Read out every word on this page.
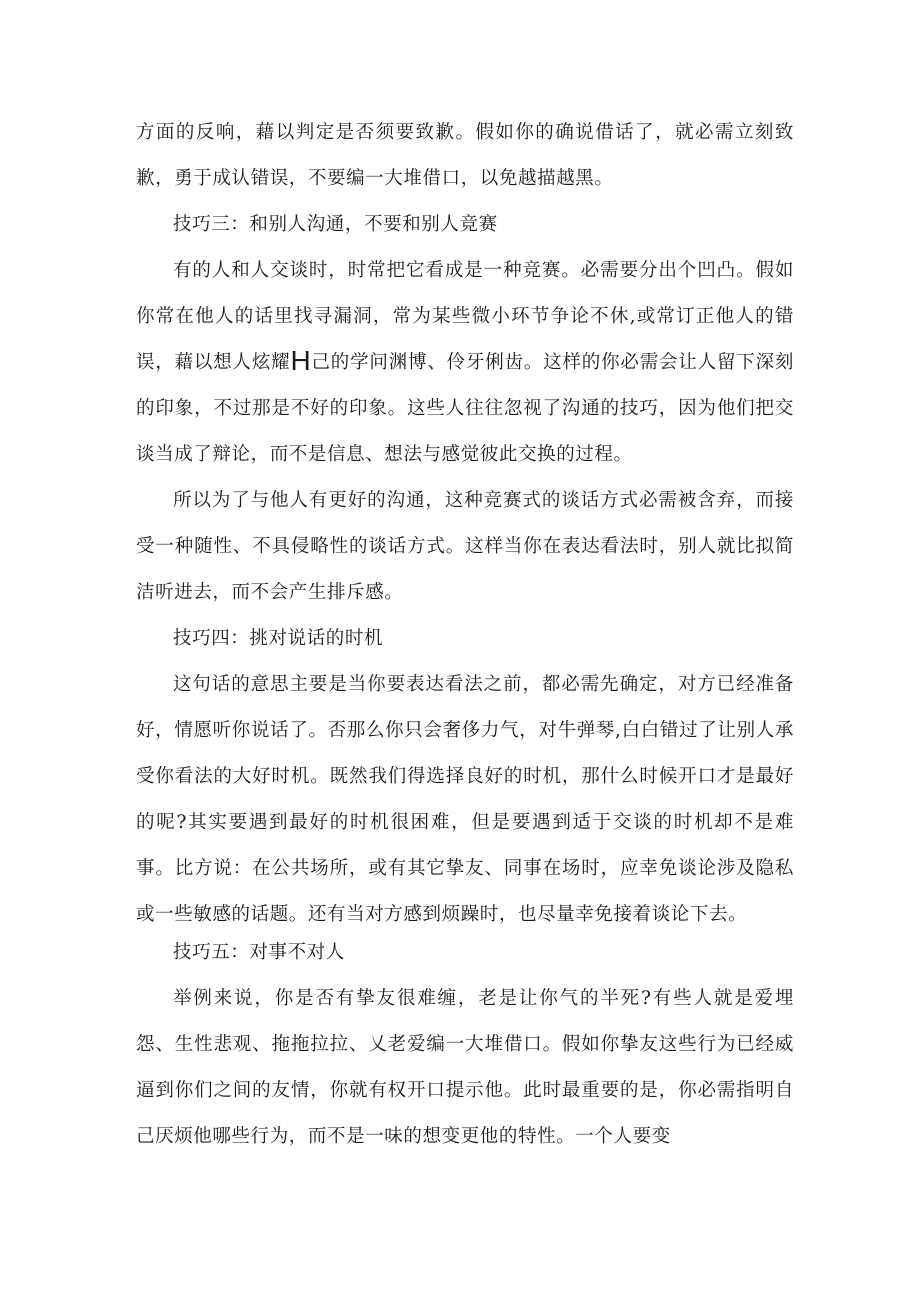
方面的反响，藉以判定是否须要致歉。假如你的确说借话了，就必需立刻致歉，勇于成认错误，不要编一大堆借口，以免越描越黑。

技巧三：和别人沟通，不要和别人竞赛

有的人和人交谈时，时常把它看成是一种竞赛。必需要分出个凹凸。假如你常在他人的话里找寻漏洞，常为某些微小环节争论不休,或常订正他人的错误，藉以想人炫耀H己的学问渊博、伶牙俐齿。这样的你必需会让人留下深刻的印象，不过那是不好的印象。这些人往往忽视了沟通的技巧，因为他们把交谈当成了辩论，而不是信息、想法与感觉彼此交换的过程。

所以为了与他人有更好的沟通，这种竞赛式的谈话方式必需被含弃，而接受一种随性、不具侵略性的谈话方式。这样当你在表达看法时，别人就比拟简洁听进去，而不会产生排斥感。

技巧四：挑对说话的时机

这句话的意思主要是当你要表达看法之前，都必需先确定，对方已经准备好，情愿听你说话了。否那么你只会奢侈力气，对牛弹琴,白白错过了让别人承受你看法的大好时机。既然我们得选择良好的时机，那什么时候开口才是最好的呢?其实要遇到最好的时机很困难，但是要遇到适于交谈的时机却不是难事。比方说：在公共场所，或有其它挚友、同事在场时，应幸免谈论涉及隐私或一些敏感的话题。还有当对方感到烦躁时，也尽量幸免接着谈论下去。

技巧五：对事不对人

举例来说，你是否有挚友很难缠，老是让你气的半死?有些人就是爱埋怨、生性悲观、拖拖拉拉、乂老爱编一大堆借口。假如你挚友这些行为已经威逼到你们之间的友情，你就有权开口提示他。此时最重要的是，你必需指明自己厌烦他哪些行为，而不是一味的想变更他的特性。一个人要变
